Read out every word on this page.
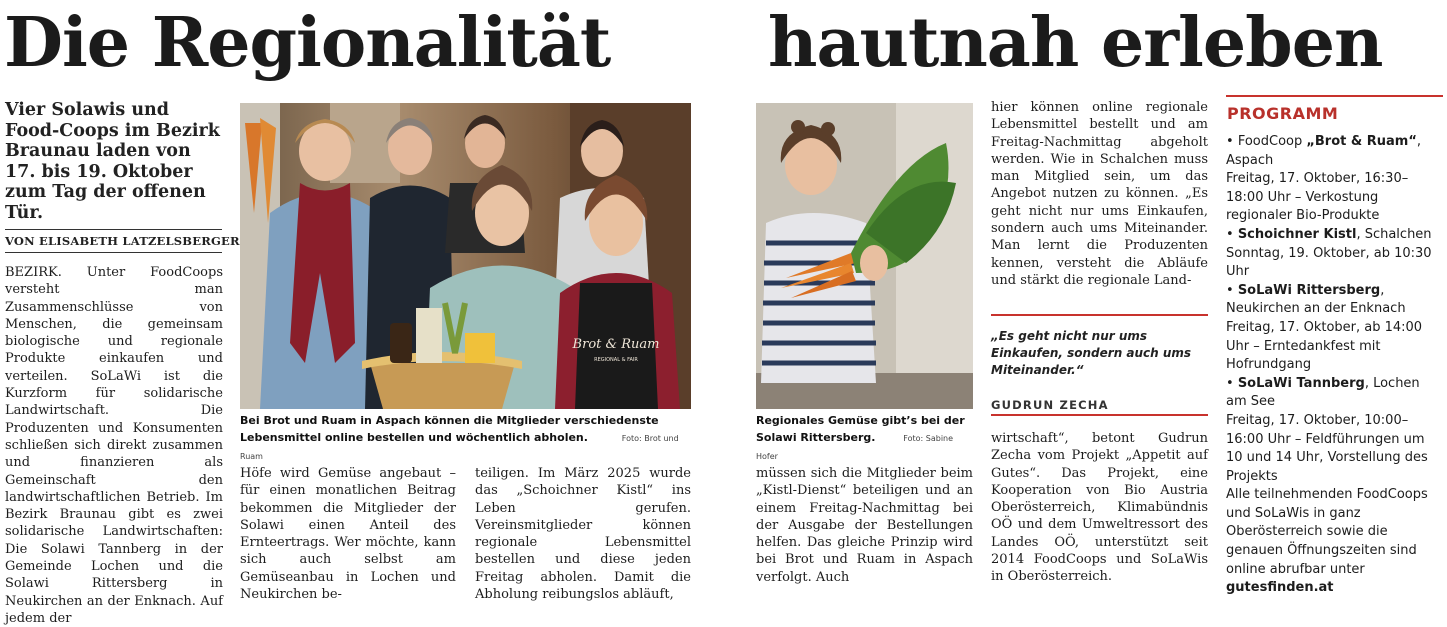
Die Regionalität hautnah erleben
Vier Solawis und Food-Coops im Bezirk Braunau laden von 17. bis 19. Oktober zum Tag der offenen Tür.
VON ELISABETH LATZELSBERGER
BEZIRK. Unter FoodCoops versteht man Zusammenschlüsse von Menschen, die gemeinsam biologische und regionale Produkte einkaufen und verteilen. SoLaWi ist die Kurzform für solidarische Landwirtschaft. Die Produzenten und Konsumenten schließen sich direkt zusammen und finanzieren als Gemeinschaft den landwirtschaftlichen Betrieb. Im Bezirk Braunau gibt es zwei solidarische Landwirtschaften: Die Solawi Tannberg in der Gemeinde Lochen und die Solawi Rittersberg in Neukirchen an der Enknach. Auf jedem der
Brot & Ruam
REGIONAL & FAIR
Bei Brot und Ruam in Aspach können die Mitglieder verschiedenste Lebensmittel online bestellen und wöchentlich abholen.	Foto: Brot und Ruam
Höfe wird Gemüse angebaut – für einen monatlichen Beitrag bekommen die Mitglieder der Solawi einen Anteil des Ernteertrags. Wer möchte, kann sich auch selbst am Gemüseanbau in Lochen und Neukirchen be-
teiligen. Im März 2025 wurde das „Schoichner Kistl“ ins Leben gerufen. Vereinsmitglieder können regionale Lebensmittel bestellen und diese jeden Freitag abholen. Damit die Abholung reibungslos abläuft,
Regionales Gemüse gibt’s bei der Solawi Rittersberg.	Foto: Sabine Hofer
müssen sich die Mitglieder beim „Kistl-Dienst“ beteiligen und an einem Freitag-Nachmittag bei der Ausgabe der Bestellungen helfen. Das gleiche Prinzip wird bei Brot und Ruam in Aspach verfolgt. Auch
hier können online regionale Lebensmittel bestellt und am Freitag-Nachmittag abgeholt werden. Wie in Schalchen muss man Mitglied sein, um das Angebot nutzen zu können. „Es geht nicht nur ums Einkaufen, sondern auch ums Miteinander. Man lernt die Produzenten kennen, versteht die Abläufe und stärkt die regionale Land-
„Es geht nicht nur ums Einkaufen, sondern auch ums Miteinander.“
GUDRUN ZECHA
wirtschaft“, betont Gudrun Zecha vom Projekt „Appetit auf Gutes“. Das Projekt, eine Kooperation von Bio Austria Oberösterreich, Klimabündnis OÖ und dem Umweltressort des Landes OÖ, unterstützt seit 2014 FoodCoops und SoLaWis in Oberösterreich.
PROGRAMM
• FoodCoop „Brot & Ruam“, Aspach
Freitag, 17. Oktober, 16:30–18:00 Uhr – Verkostung regionaler Bio-Produkte
• Schoichner Kistl, Schalchen
Sonntag, 19. Oktober, ab 10:30 Uhr
• SoLaWi Rittersberg, Neukirchen an der Enknach
Freitag, 17. Oktober, ab 14:00 Uhr – Erntedankfest mit Hofrundgang
• SoLaWi Tannberg, Lochen am See
Freitag, 17. Oktober, 10:00–16:00 Uhr – Feldführungen um 10 und 14 Uhr, Vorstellung des Projekts
Alle teilnehmenden FoodCoops und SoLaWis in ganz Oberösterreich sowie die genauen Öffnungszeiten sind online abrufbar unter gutesfinden.at
